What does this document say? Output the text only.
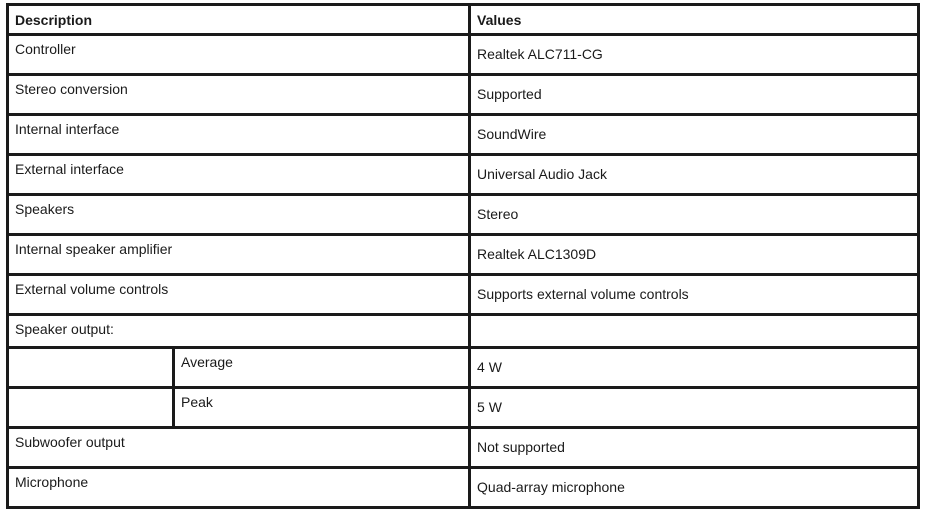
Description		Values
Controller		Realtek ALC711-CG
Stereo conversion		Supported
Internal interface		SoundWire
External interface		Universal Audio Jack
Speakers		Stereo
Internal speaker amplifier		Realtek ALC1309D
External volume controls		Supports external volume controls
Speaker output:		
	Average	4 W
	Peak	5 W
Subwoofer output		Not supported
Microphone		Quad-array microphone
